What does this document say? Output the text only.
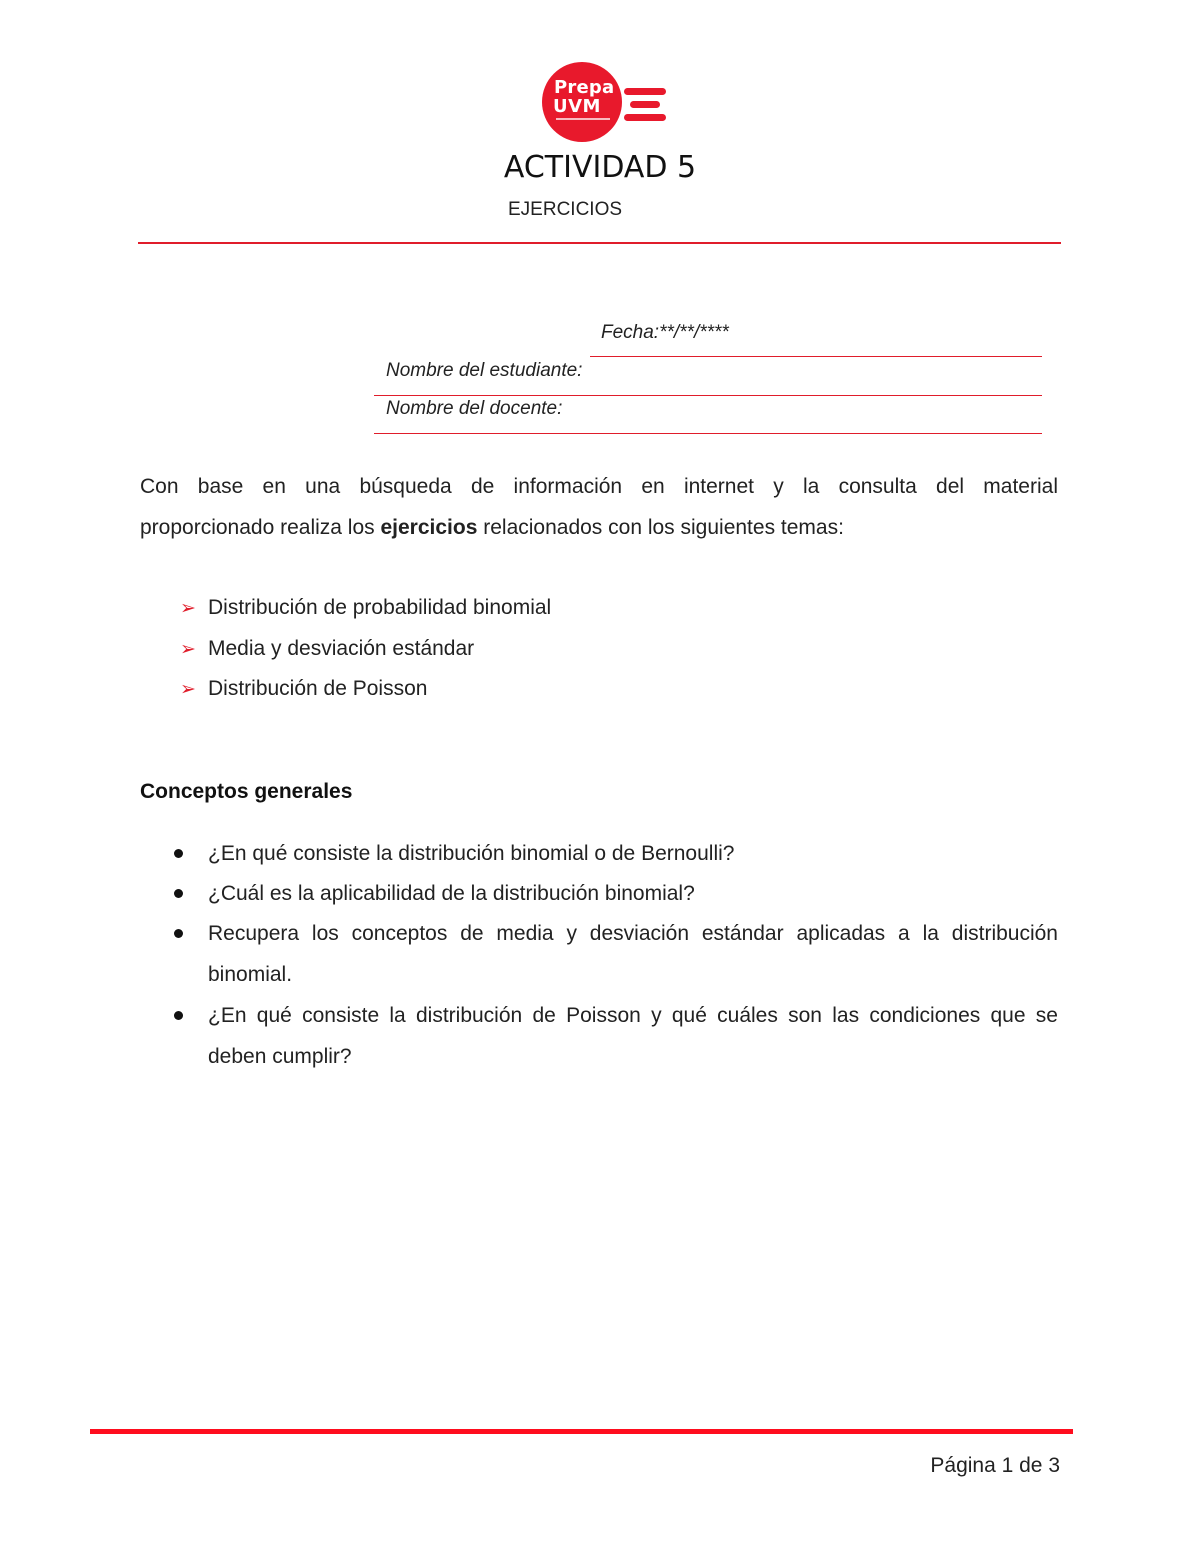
Prepa
UVM
ACTIVIDAD 5
EJERCICIOS
Fecha:**/**/****
Nombre del estudiante:
Nombre del docente:
Con base en una búsqueda de información en internet y la consulta del material
proporcionado realiza los ejercicios relacionados con los siguientes temas:
➢ Distribución de probabilidad binomial
➢ Media y desviación estándar
➢ Distribución de Poisson
Conceptos generales
¿En qué consiste la distribución binomial o de Bernoulli?
¿Cuál es la aplicabilidad de la distribución binomial?
Recupera los conceptos de media y desviación estándar aplicadas a la distribución binomial.
¿En qué consiste la distribución de Poisson y qué cuáles son las condiciones que se deben cumplir?
Página 1 de 3
